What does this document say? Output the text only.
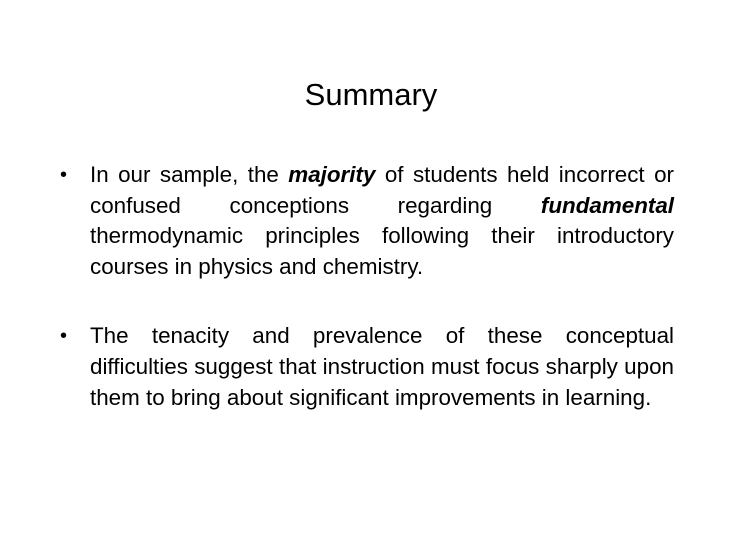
Summary
•	In our sample, the majority of students held incorrect or confused conceptions regarding fundamental thermodynamic principles following their introductory courses in physics and chemistry.
•	The tenacity and prevalence of these conceptual difficulties suggest that instruction must focus sharply upon them to bring about significant improvements in learning.
